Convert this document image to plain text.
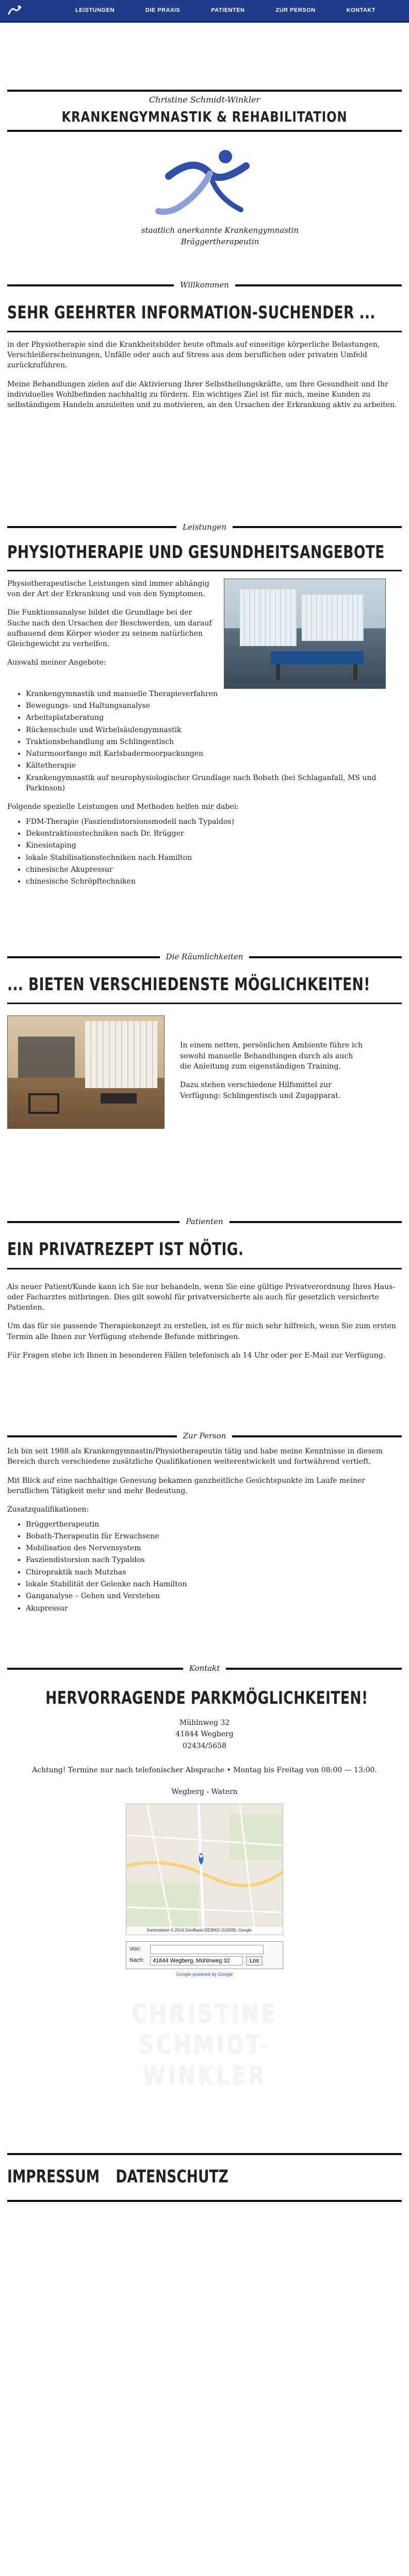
LEISTUNGEN	DIE PRAXIS	PATIENTEN	ZUR PERSON	KONTAKT
Christine Schmidt-Winkler
KRANKENGYMNASTIK & REHABILITATION
staatlich anerkannte Krankengymnastin
Bräggertherapeutin
Willkommen
SEHR GEEHRTER INFORMATION-SUCHENDER ...

in der Physiotherapie sind die Krankheitsbilder heute oftmals auf einseitige körperliche Belastungen, Verschleißerscheinungen, Unfälle oder auch auf Stress aus dem beruflichen oder privaten Umfeld zurückzuführen.

Meine Behandlungen zielen auf die Aktivierung Ihrer Selbstheilungskräfte, um Ihre Gesundheit und Ihr individuelles Wohlbefinden nachhaltig zu fördern. Ein wichtiges Ziel ist für mich, meine Kunden zu selbständigem Handeln anzuleiten und zu motivieren, an den Ursachen der Erkrankung aktiv zu arbeiten.

Leistungen
PHYSIOTHERAPIE UND GESUNDHEITSANGEBOTE

Physiotherapeutische Leistungen sind immer abhängig von der Art der Erkrankung und von den Symptomen.

Die Funktionsanalyse bildet die Grundlage bei der Suche nach den Ursachen der Beschwerden, um darauf aufbauend dem Körper wieder zu seinem natürlichen Gleichgewicht zu verhelfen.

Auswahl meiner Angebote:

• Krankengymnastik und manuelle Therapieverfahren
• Bewegungs- und Haltungsanalyse
• Arbeitsplatzberatung
• Rückenschule und Wirbelsäulengymnastik
• Traktionsbehandlung am Schlingentisch
• Naturmoorfango mit Karlsbadermoorpackungen
• Kältetherapie
• Krankengymnastik auf neurophysiologischer Grundlage nach Bobath (bei Schlaganfall, MS und Parkinson)

Folgende spezielle Leistungen und Methoden helfen mir dabei:

• FDM-Therapie (Fasziendistorsionsmodell nach Typaldos)
• Dekontraktionstechniken nach Dr. Brügger
• Kinesiotaping
• lokale Stabilisationstechniken nach Hamilton
• chinesische Akupressur
• chinesische Schröpftechniken
Die Räumlichkeiten
... BIETEN VERSCHIEDENSTE MÖGLICHKEITEN!

In einem netten, persönlichen Ambiente führe ich sowohl manuelle Behandlungen durch als auch die Anleitung zum eigenständigen Training.

Dazu stehen verschiedene Hilfsmittel zur Verfügung: Schlingentisch und Zugapparat.

Patienten
EIN PRIVATREZEPT IST NÖTIG.

Als neuer Patient/Kunde kann ich Sie nur behandeln, wenn Sie eine gültige Privatverordnung Ihres Haus- oder Facharztes mitbringen. Dies gilt sowohl für privatversicherte als auch für gesetzlich versicherte Patienten.

Um das für sie passende Therapiekonzept zu erstellen, ist es für mich sehr hilfreich, wenn Sie zum ersten Termin alle Ihnen zur Verfügung stehende Befunde mitbringen.

Für Fragen stehe ich Ihnen in besonderen Fällen telefonisch ab 14 Uhr oder per E-Mail zur Verfügung.

Zur Person

Ich bin seit 1988 als Krankengymnastin/Physiotherapeutin tätig und habe meine Kenntnisse in diesem Bereich durch verschiedene zusätzliche Qualifikationen weiterentwickelt und fortwährend vertieft.

Mit Blick auf eine nachhaltige Genesung bekamen ganzheitliche Gesichtspunkte im Laufe meiner beruflichen Tätigkeit mehr und mehr Bedeutung.

Zusatzqualifikationen:

• Brüggertherapeutin
• Bobath-Therapeutin für Erwachsene
• Mobilisation des Nervensystem
• Fasziendistorsion nach Typaldos
• Chiropraktik nach Mutzhas
• lokale Stabilität der Gelenke nach Hamilton
• Ganganalyse – Gehen und Verstehen
• Akupressur
Kontakt
HERVORRAGENDE PARKMÖGLICHKEITEN!
Mühlnweg 32
41844 Wegberg
02434/5658
Achtung! Termine nur nach telefonischer Absprache • Montag bis Freitag von 08:00 — 13:00.
Wegberg - Watern
Kartendaten © 2014 GeoBasis-DE/BKG (©2009), Google
Von:
Nach:
41844 Wegberg, Mühlnweg 32	Los
Google powered by Google
CHRISTINE SCHMIDT-WINKLER
IMPRESSUM DATENSCHUTZ
